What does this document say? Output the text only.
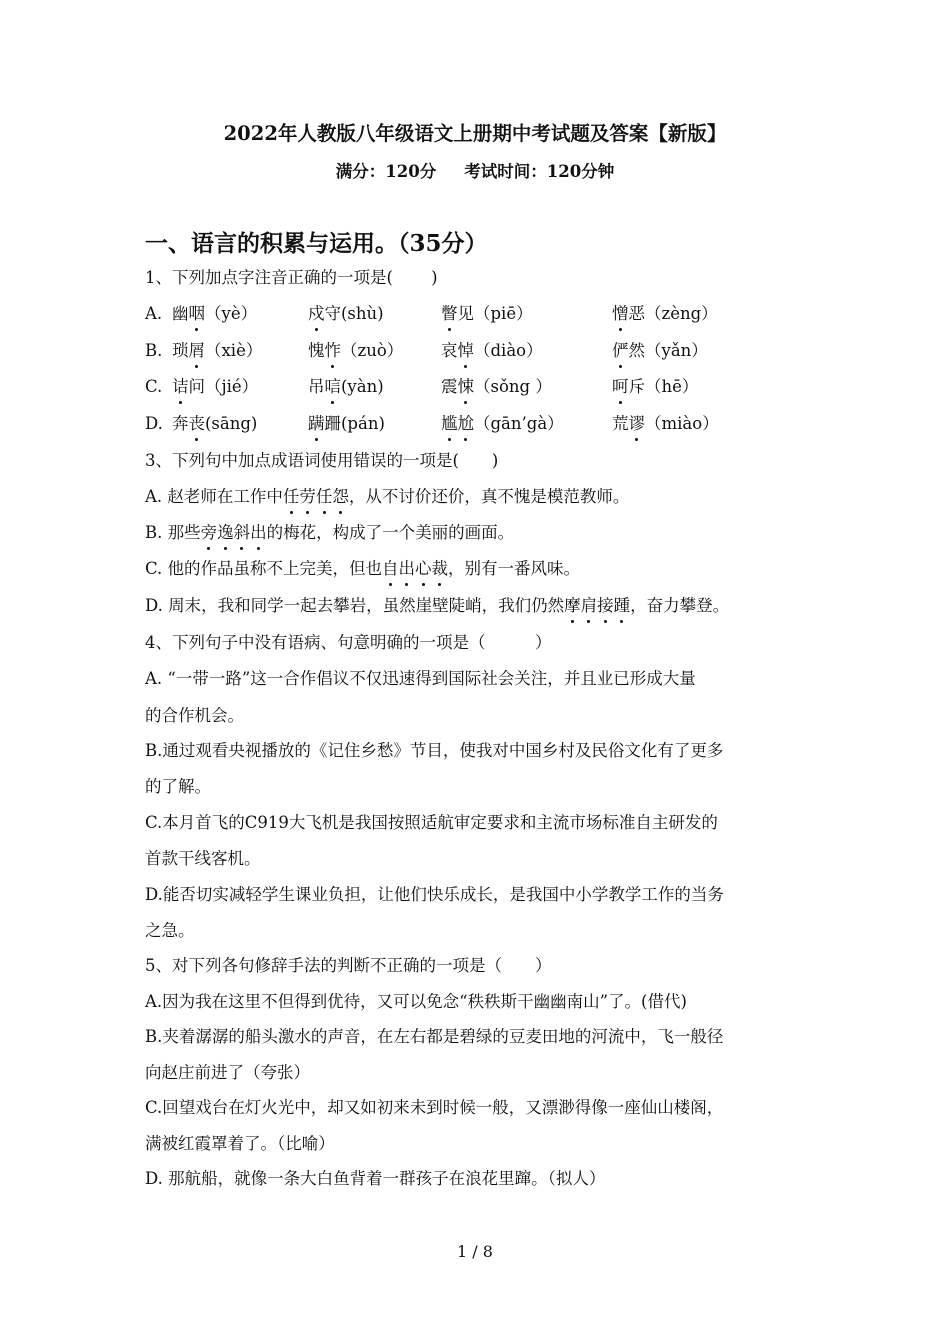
2022年人教版八年级语文上册期中考试题及答案【新版】
满分：120分 考试时间：120分钟
一、语言的积累与运用。（35分）
1、下列加点字注音正确的一项是(　　 )
A. 幽咽（yè）	戍守(shù)	瞥见（piē）	憎恶（zèng）
B. 琐屑（xiè）	愧怍（zuò） 哀悼（diào）	俨然（yǎn）
C. 诘问（jié）	吊唁(yàn)	震悚（sǒng ）	呵斥（hē）
D. 奔丧(sāng)	蹒跚(pán)	尴尬（gān’gà）	荒谬（miào）
3、下列句中加点成语词使用错误的一项是(　　)
A. 赵老师在工作中任劳任怨，从不讨价还价，真不愧是模范教师。
B. 那些旁逸斜出的梅花，构成了一个美丽的画面。
C. 他的作品虽称不上完美，但也自出心裁，别有一番风味。
D. 周末，我和同学一起去攀岩，虽然崖壁陡峭，我们仍然摩肩接踵，奋力攀登。
4、下列句子中没有语病、句意明确的一项是（　　　）
A. “一带一路”这一合作倡议不仅迅速得到国际社会关注，并且业已形成大量
的合作机会。
B.通过观看央视播放的《记住乡愁》节目，使我对中国乡村及民俗文化有了更多
的了解。
C.本月首飞的C919大飞机是我国按照适航审定要求和主流市场标准自主研发的
首款干线客机。
D.能否切实减轻学生课业负担，让他们快乐成长，是我国中小学教学工作的当务
之急。
5、对下列各句修辞手法的判断不正确的一项是（　　）
A.因为我在这里不但得到优待，又可以免念“秩秩斯干幽幽南山”了。(借代)
B.夹着潺潺的船头激水的声音，在左右都是碧绿的豆麦田地的河流中，飞一般径
向赵庄前进了（夸张）
C.回望戏台在灯火光中，却又如初来未到时候一般，又漂渺得像一座仙山楼阁，
满被红霞罩着了。（比喻）
D. 那航船，就像一条大白鱼背着一群孩子在浪花里蹿。（拟人）
1 / 8
